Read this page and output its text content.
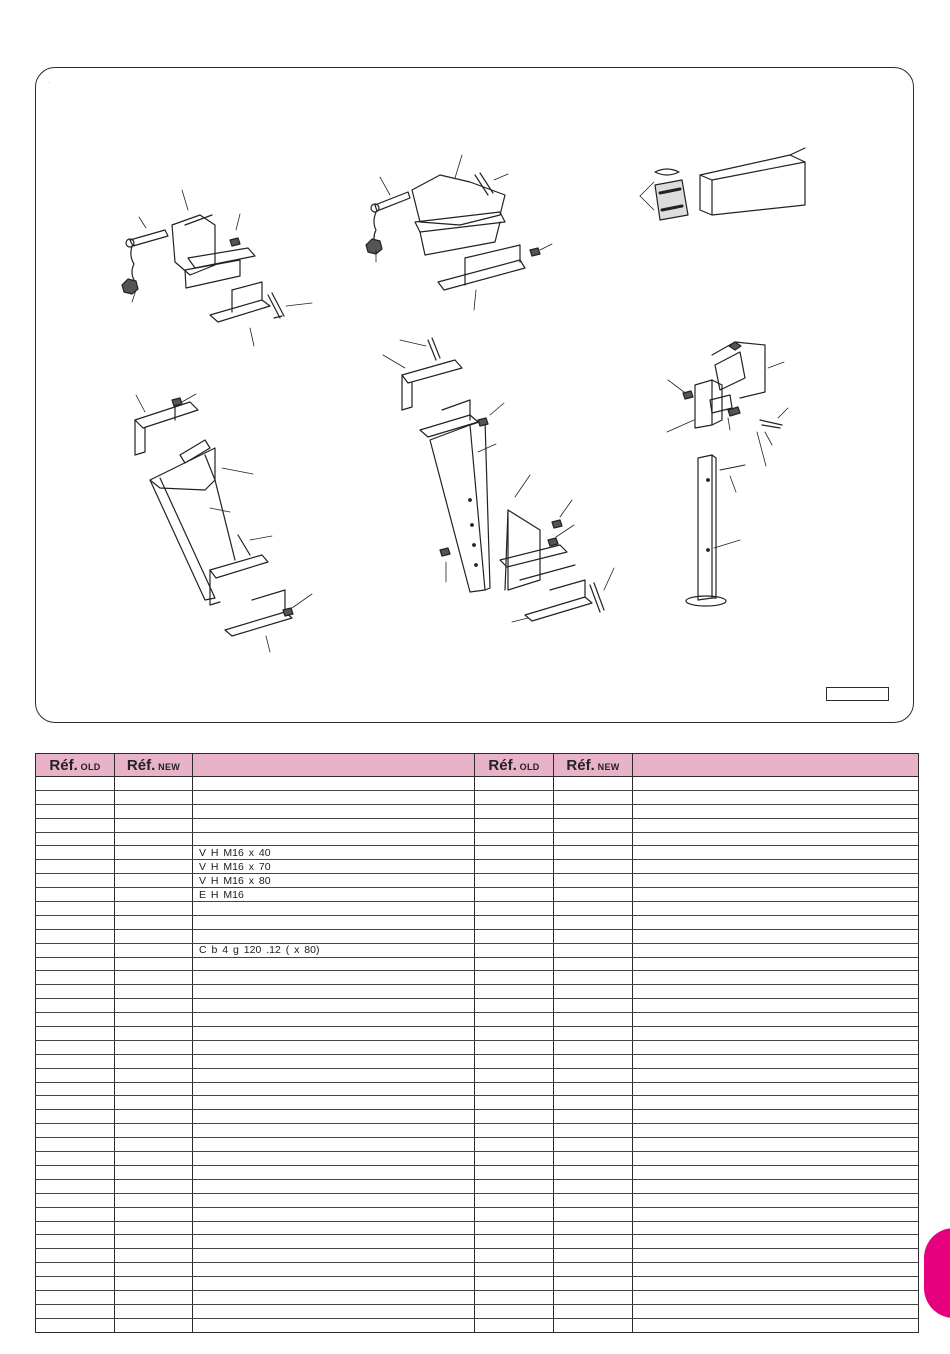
·
Réf. OLD	Réf. NEW		Réf. OLD	Réf. NEW	

		V H M16 x 40			
		V H M16 x 70			
		V H M16 x 80			
		E H M16			

		C b 4 g 120 .12 ( x 80)			
